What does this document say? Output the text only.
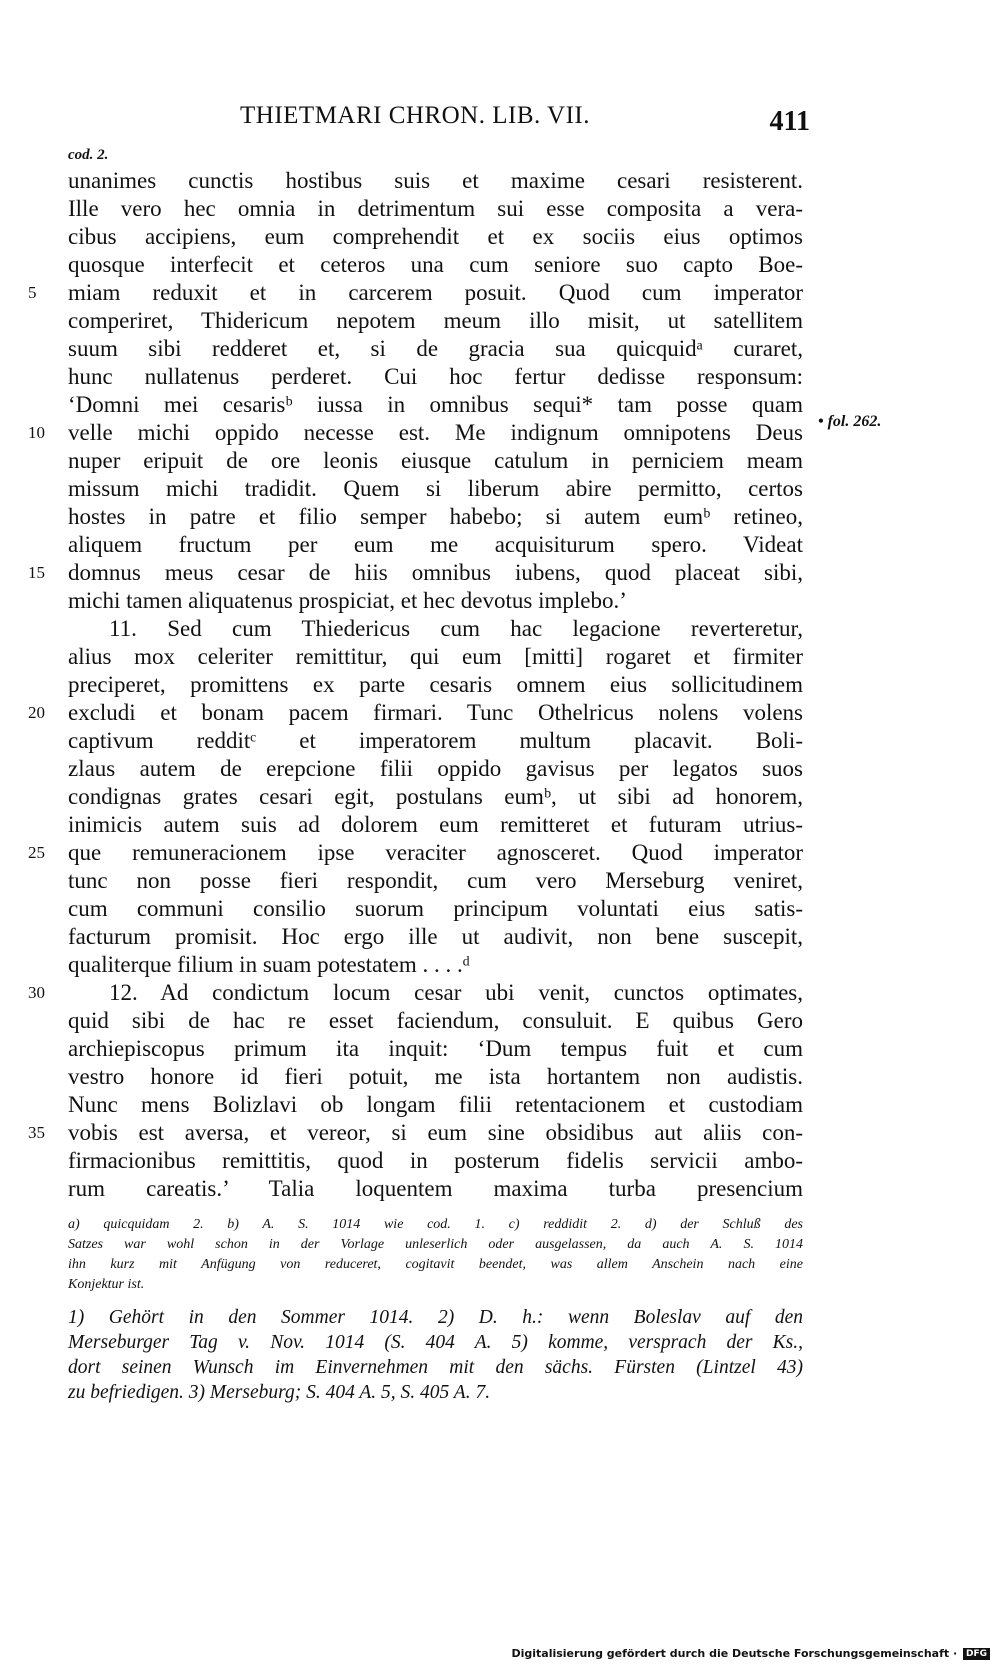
THIETMARI CHRON. LIB. VII.	411
cod. 2.
unanimes cunctis hostibus suis et maxime cesari resisterent.
Ille vero hec omnia in detrimentum sui esse composita a vera-
cibus accipiens, eum comprehendit et ex sociis eius optimos
quosque interfecit et ceteros una cum seniore suo capto Boe-
miam reduxit et in carcerem posuit. Quod cum imperator
comperiret, Thidericum nepotem meum illo misit, ut satellitem
suum sibi redderet et, si de gracia sua quicquidᵃ curaret,
hunc nullatenus perderet. Cui hoc fertur dedisse responsum:
‘Domni mei cesarisᵇ iussa in omnibus sequi* tam posse quam
velle michi oppido necesse est. Me indignum omnipotens Deus
nuper eripuit de ore leonis eiusque catulum in perniciem meam
missum michi tradidit. Quem si liberum abire permitto, certos
hostes in patre et filio semper habebo; si autem eumᵇ retineo,
aliquem fructum per eum me acquisiturum spero. Videat
domnus meus cesar de hiis omnibus iubens, quod placeat sibi,
michi tamen aliquatenus prospiciat, et hec devotus implebo.’
11. Sed cum Thiedericus cum hac legacione reverteretur,
alius mox celeriter remittitur, qui eum [mitti] rogaret et firmiter
preciperet, promittens ex parte cesaris omnem eius sollicitudinem
excludi et bonam pacem firmari. Tunc Othelricus nolens volens
captivum redditᶜ et imperatorem multum placavit. Boli-
zlaus autem de erepcione filii oppido gavisus per legatos suos
condignas grates cesari egit, postulans eumᵇ, ut sibi ad honorem,
inimicis autem suis ad dolorem eum remitteret et futuram utrius-
que remuneracionem ipse veraciter agnosceret. Quod imperator
tunc non posse fieri respondit, cum vero Merseburg veniret,
cum communi consilio suorum principum voluntati eius satis-
facturum promisit. Hoc ergo ille ut audivit, non bene suscepit,
qualiterque filium in suam potestatem . . . .ᵈ
12. Ad condictum locum cesar ubi venit, cunctos optimates,
quid sibi de hac re esset faciendum, consuluit. E quibus Gero
archiepiscopus primum ita inquit: ‘Dum tempus fuit et cum
vestro honore id fieri potuit, me ista hortantem non audistis.
Nunc mens Bolizlavi ob longam filii retentacionem et custodiam
vobis est aversa, et vereor, si eum sine obsidibus aut aliis con-
firmacionibus remittitis, quod in posterum fidelis servicii ambo-
rum careatis.’ Talia loquentem maxima turba presencium
5
10
15
20
25
30
35
• fol. 262.
a) quicquidam 2. b) A. S. 1014 wie cod. 1. c) reddidit 2. d) der Schluß des
Satzes war wohl schon in der Vorlage unleserlich oder ausgelassen, da auch A. S. 1014
ihn kurz mit Anfügung von reduceret, cogitavit beendet, was allem Anschein nach eine
Konjektur ist.
1) Gehört in den Sommer 1014. 2) D. h.: wenn Boleslav auf den
Merseburger Tag v. Nov. 1014 (S. 404 A. 5) komme, versprach der Ks.,
dort seinen Wunsch im Einvernehmen mit den sächs. Fürsten (Lintzel 43)
zu befriedigen. 3) Merseburg; S. 404 A. 5, S. 405 A. 7.
Digitalisierung gefördert durch die Deutsche Forschungsgemeinschaft · DFG
